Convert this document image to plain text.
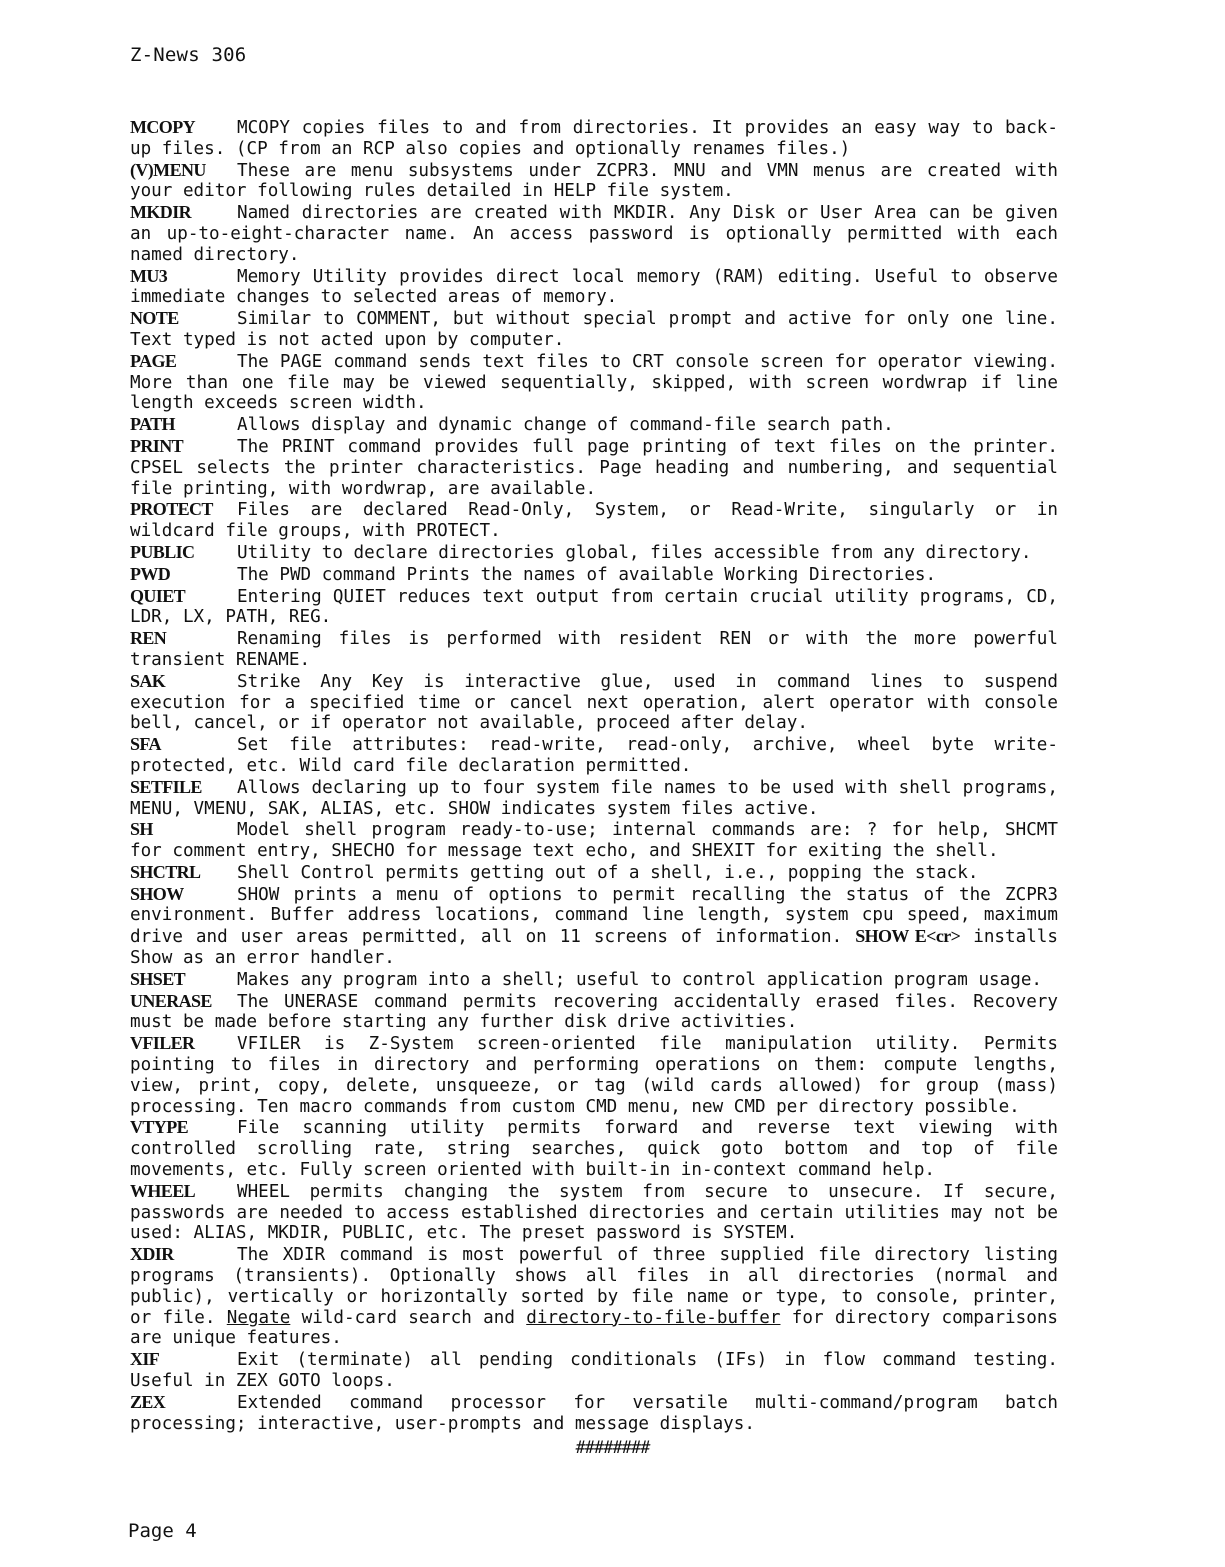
Z-News 306

MCOPY MCOPY copies files to and from directories. It provides an easy way to back-up files. (CP from an RCP also copies and optionally renames files.)

(V)MENU These are menu subsystems under ZCPR3. MNU and VMN menus are created with your editor following rules detailed in HELP file system.

MKDIR	Named directories are created with MKDIR. Any Disk or User Area can be given an up-to-eight-character name. An access password is optionally permitted with each named directory.

MU3	Memory Utility provides direct local memory (RAM) editing. Useful to observe immediate changes to selected areas of memory.

NOTE	Similar to COMMENT, but without special prompt and active for only one line. Text typed is not acted upon by computer.

PAGE	The PAGE command sends text files to CRT console screen for operator viewing. More than one file may be viewed sequentially, skipped, with screen wordwrap if line length exceeds screen width.

PATH	Allows display and dynamic change of command-file search path.

PRINT	The PRINT command provides full page printing of text files on the printer. CPSEL selects the printer characteristics. Page heading and numbering, and sequential file printing, with wordwrap, are available.

PROTECT Files are declared Read-Only, System, or Read-Write, singularly or in wildcard file groups, with PROTECT.

PUBLIC Utility to declare directories global, files accessible from any directory.

PWD	The PWD command Prints the names of available Working Directories.

QUIET	Entering QUIET reduces text output from certain crucial utility programs, CD, LDR, LX, PATH, REG.

REN	Renaming files is performed with resident REN or with the more powerful transient RENAME.

SAK	Strike Any Key is interactive glue, used in command lines to suspend execution for a specified time or cancel next operation, alert operator with console bell, cancel, or if operator not available, proceed after delay.

SFA	Set file attributes: read-write, read-only, archive, wheel byte write-protected, etc. Wild card file declaration permitted.

SETFILE Allows declaring up to four system file names to be used with shell programs, MENU, VMENU, SAK, ALIAS, etc. SHOW indicates system files active.

SH	Model shell program ready-to-use; internal commands are: ? for help, SHCMT for comment entry, SHECHO for message text echo, and SHEXIT for exiting the shell.

SHCTRL Shell Control permits getting out of a shell, i.e., popping the stack.

SHOW	SHOW prints a menu of options to permit recalling the status of the ZCPR3 environment. Buffer address locations, command line length, system cpu speed, maximum drive and user areas permitted, all on 11 screens of information. SHOW E<cr> installs Show as an error handler.

SHSET	Makes any program into a shell; useful to control application program usage.

UNERASE The UNERASE command permits recovering accidentally erased files. Recovery must be made before starting any further disk drive activities.

VFILER VFILER is Z-System screen-oriented file manipulation utility. Permits pointing to files in directory and performing operations on them: compute lengths, view, print, copy, delete, unsqueeze, or tag (wild cards allowed) for group (mass) processing. Ten macro commands from custom CMD menu, new CMD per directory possible.

VTYPE	File scanning utility permits forward and reverse text viewing with controlled scrolling rate, string searches, quick goto bottom and top of file movements, etc. Fully screen oriented with built-in in-context command help.

WHEEL WHEEL permits changing the system from secure to unsecure. If secure, passwords are needed to access established directories and certain utilities may not be used: ALIAS, MKDIR, PUBLIC, etc. The preset password is SYSTEM.

XDIR	The XDIR command is most powerful of three supplied file directory listing programs (transients). Optionally shows all files in all directories (normal and public), vertically or horizontally sorted by file name or type, to console, printer, or file. Negate wild-card search and directory-to-file-buffer for directory comparisons are unique features.

XIF	Exit (terminate) all pending conditionals (IFs) in flow command testing. Useful in ZEX GOTO loops.

ZEX	Extended command processor for versatile multi-command/program batch processing; interactive, user-prompts and message displays.

########
Page 4
